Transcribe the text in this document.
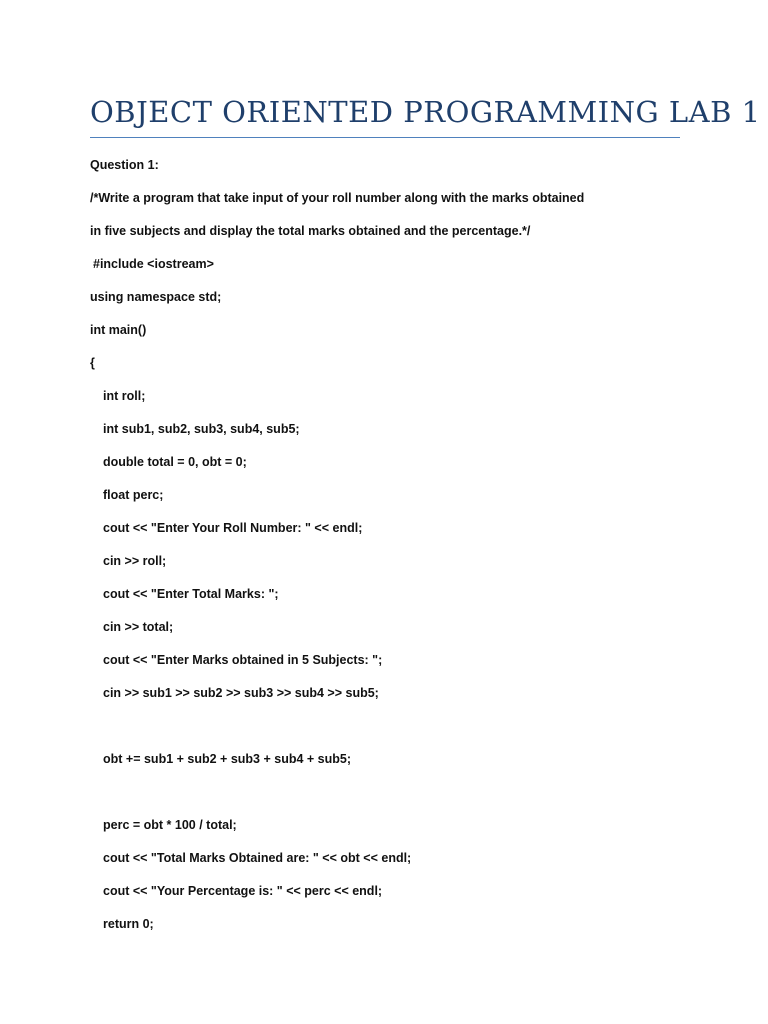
OBJECT ORIENTED PROGRAMMING LAB 1
Question 1:
/*Write a program that take input of your roll number along with the marks obtained
in five subjects and display the total marks obtained and the percentage.*/
#include <iostream>
using namespace std;
int main()
{
int roll;
int sub1, sub2, sub3, sub4, sub5;
double total = 0, obt = 0;
float perc;
cout << "Enter Your Roll Number: " << endl;
cin >> roll;
cout << "Enter Total Marks: ";
cin >> total;
cout << "Enter Marks obtained in 5 Subjects: ";
cin >> sub1 >> sub2 >> sub3 >> sub4 >> sub5;
obt += sub1 + sub2 + sub3 + sub4 + sub5;
perc = obt * 100 / total;
cout << "Total Marks Obtained are: " << obt << endl;
cout << "Your Percentage is: " << perc << endl;
return 0;
